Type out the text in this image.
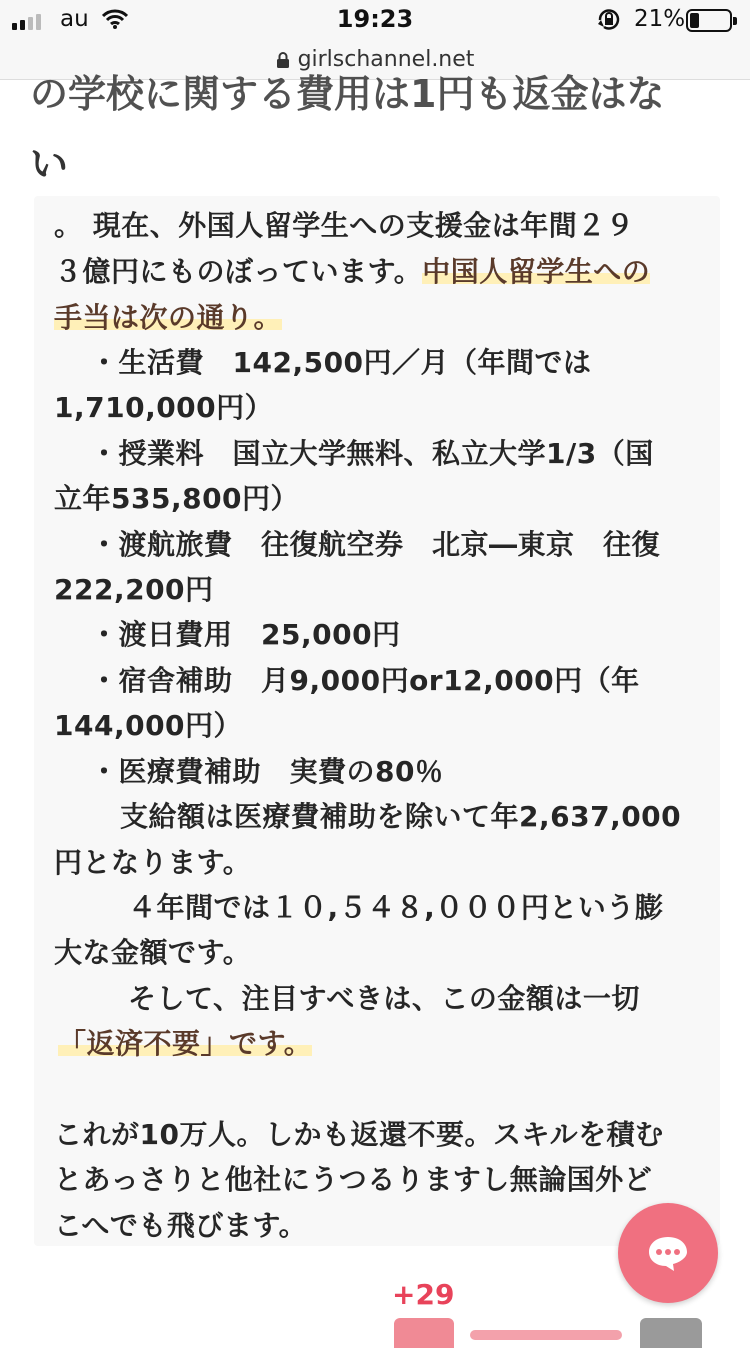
au	19:23	21%
girlschannel.net
の学校に関する費用は1円も返金はな
い
。 現在、外国人留学生への支援金は年間２９
３億円にものぼっています。中国人留学生への
手当は次の通り。
・生活費　142,500円／月（年間では
1,710,000円）
・授業料　国立大学無料、私立大学1/3（国
立年535,800円）
・渡航旅費　往復航空券　北京―東京　往復
222,200円
・渡日費用　25,000円
・宿舎補助　月9,000円or12,000円（年
144,000円）
・医療費補助　実費の80％
支給額は医療費補助を除いて年2,637,000
円となります。
４年間では１０,５４８,０００円という膨
大な金額です。
そして、注目すべきは、この金額は一切
「返済不要」です。
これが10万人。しかも返還不要。スキルを積む
とあっさりと他社にうつるりますし無論国外ど
こへでも飛びます。
+29
